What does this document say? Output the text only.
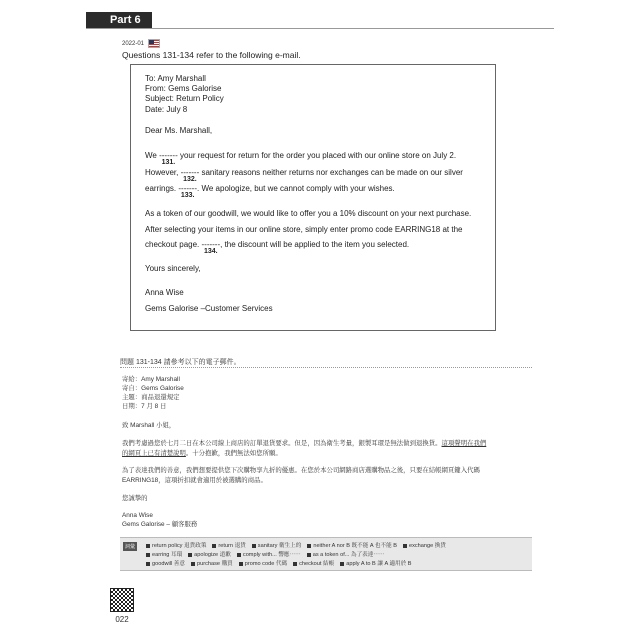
Part 6
2022-01
Questions 131-134 refer to the following e-mail.
To: Amy Marshall
From: Gems Galorise
Subject: Return Policy
Date: July 8
Dear Ms. Marshall,
We -------
131.
your request for return for the order you placed with our online store on July 2.
However, -------
132.
sanitary reasons neither returns nor exchanges can be made on our silver
earrings. -------
133.
. We apologize, but we cannot comply with your wishes.
As a token of our goodwill, we would like to offer you a 10% discount on your next purchase.
After selecting your items in our online store, simply enter promo code EARRING18 at the
checkout page. -------
134.
, the discount will be applied to the item you selected.
Yours sincerely,
Anna Wise
Gems Galorise –Customer Services
問題 131-134 請參考以下的電子郵件。
寄給：Amy Marshall
寄自：Gems Galorise
主題：商品退還規定
日期：7 月 8 日
致 Marshall 小姐，
我們考慮過您於七月二日在本公司線上商店的訂單退貨要求。但是，因為衛生考量，銀製耳環是無法做到退換貨。這項聲明在我們
的網頁上已有清楚說明。十分抱歉，我們無法如您所願。
為了表達我們的善意，我們想要提供您下次購物享九折的優惠。在您於本公司網路商店選購物品之後，只要在結帳網頁鍵入代碼
EARRING18，這項折扣就會適用於被選購的商品。
您誠摯的
Anna Wise
Gems Galorise – 顧客服務
詞彙	return policy 退貨政策 return 退貨 sanitary 衛生上的 neither A nor B 既不能 A 也不能 B exchange 換貨
earring 耳環 apologize 道歉 comply with... 響應⋯⋯ as a token of... 為了表達⋯⋯
goodwill 善意 purchase 購買 promo code 代碼 checkout 結帳 apply A to B 讓 A 適用於 B
022
